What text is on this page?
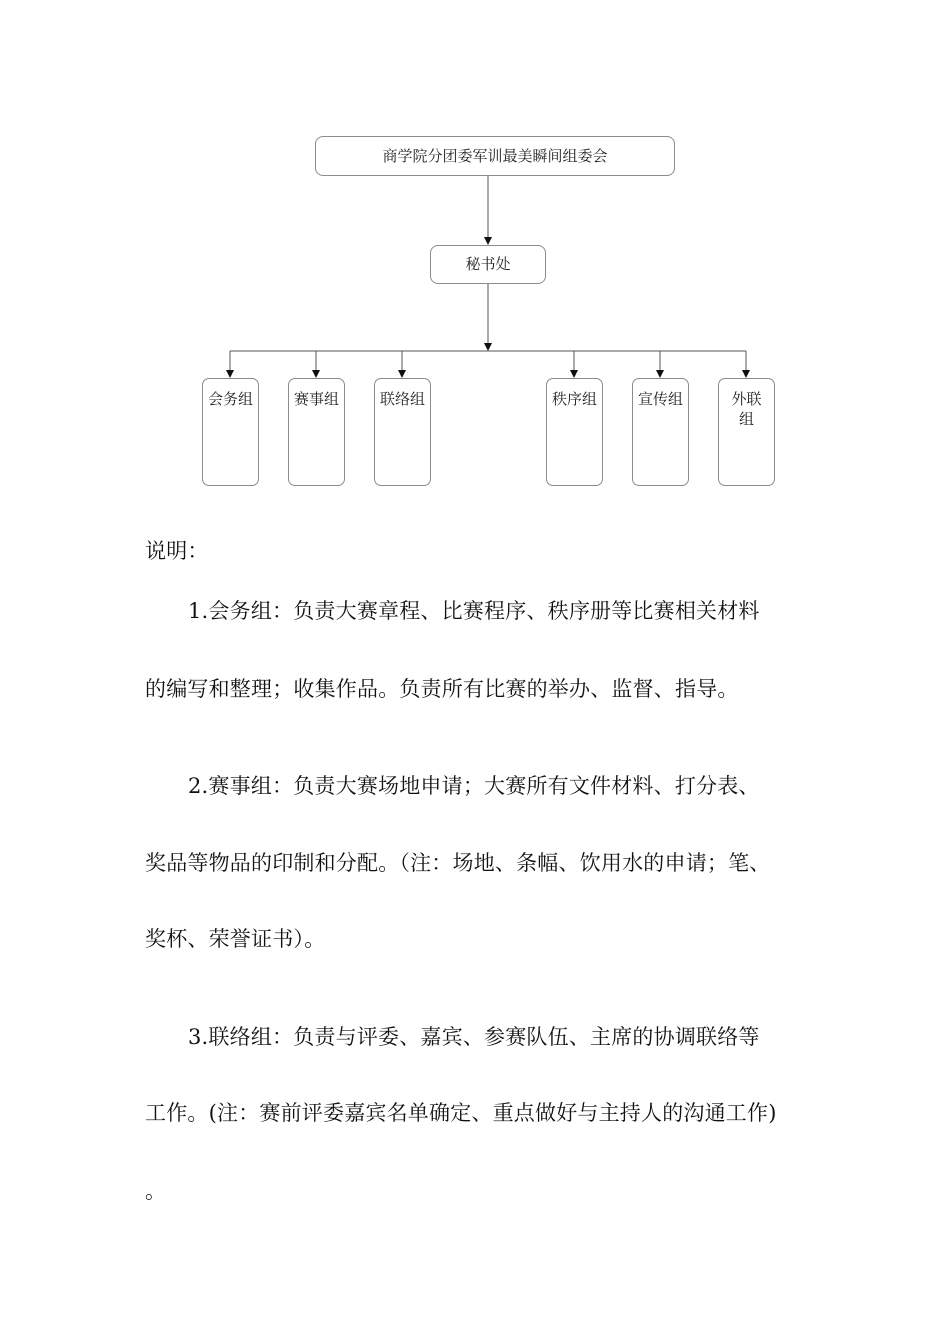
商学院分团委军训最美瞬间组委会
秘书处
会务组	赛事组	联络组	秩序组	宣传组	外联
组
说明：
1.会务组：负责大赛章程、比赛程序、秩序册等比赛相关材料
的编写和整理；收集作品。负责所有比赛的举办、监督、指导。
2.赛事组：负责大赛场地申请；大赛所有文件材料、打分表、
奖品等物品的印制和分配。（注：场地、条幅、饮用水的申请；笔、
奖杯、荣誉证书）。
3.联络组：负责与评委、嘉宾、参赛队伍、主席的协调联络等
工作。(注：赛前评委嘉宾名单确定、重点做好与主持人的沟通工作)
。
